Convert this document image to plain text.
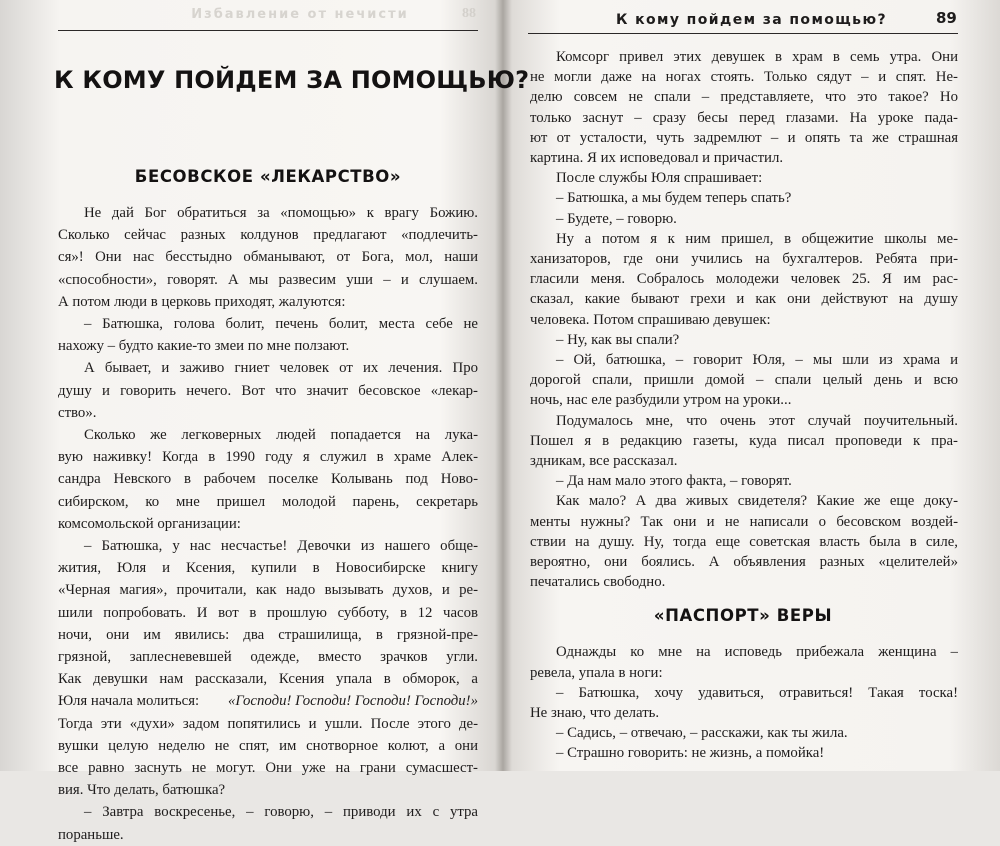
Избавление от нечисти	88
К КОМУ ПОЙДЕМ ЗА ПОМОЩЬЮ?
БЕСОВСКОЕ «ЛЕКАРСТВО»
Не дай Бог обратиться за «помощью» к врагу Божию.
Сколько сейчас разных колдунов предлагают «подлечить-
ся»! Они нас бесстыдно обманывают, от Бога, мол, наши
«способности», говорят. А мы развесим уши – и слушаем.
А потом люди в церковь приходят, жалуются:
– Батюшка, голова болит, печень болит, места себе не
нахожу – будто какие-то змеи по мне ползают.
А бывает, и заживо гниет человек от их лечения. Про
душу и говорить нечего. Вот что значит бесовское «лекар-
ство».
Сколько же легковерных людей попадается на лука-
вую наживку! Когда в 1990 году я служил в храме Алек-
сандра Невского в рабочем поселке Колывань под Ново-
сибирском, ко мне пришел молодой парень, секретарь
комсомольской организации:
– Батюшка, у нас несчастье! Девочки из нашего обще-
жития, Юля и Ксения, купили в Новосибирске книгу
«Черная магия», прочитали, как надо вызывать духов, и ре-
шили попробовать. И вот в прошлую субботу, в 12 часов
ночи, они им явились: два страшилища, в грязной-пре-
грязной, заплесневевшей одежде, вместо зрачков угли.
Как девушки нам рассказали, Ксения упала в обморок, а
Юля начала молиться: «Господи! Господи! Господи! Господи!»
Тогда эти «духи» задом попятились и ушли. После этого де-
вушки целую неделю не спят, им снотворное колют, а они
все равно заснуть не могут. Они уже на грани сумасшест-
вия. Что делать, батюшка?
– Завтра воскресенье, – говорю, – приводи их с утра
пораньше.
К кому пойдем за помощью?	89
Комсорг привел этих девушек в храм в семь утра. Они
не могли даже на ногах стоять. Только сядут – и спят. Не-
делю совсем не спали – представляете, что это такое? Но
только заснут – сразу бесы перед глазами. На уроке пада-
ют от усталости, чуть задремлют – и опять та же страшная
картина. Я их исповедовал и причастил.
После службы Юля спрашивает:
– Батюшка, а мы будем теперь спать?
– Будете, – говорю.
Ну а потом я к ним пришел, в общежитие школы ме-
ханизаторов, где они учились на бухгалтеров. Ребята при-
гласили меня. Собралось молодежи человек 25. Я им рас-
сказал, какие бывают грехи и как они действуют на душу
человека. Потом спрашиваю девушек:
– Ну, как вы спали?
– Ой, батюшка, – говорит Юля, – мы шли из храма и
дорогой спали, пришли домой – спали целый день и всю
ночь, нас еле разбудили утром на уроки...
Подумалось мне, что очень этот случай поучительный.
Пошел я в редакцию газеты, куда писал проповеди к пра-
здникам, все рассказал.
– Да нам мало этого факта, – говорят.
Как мало? А два живых свидетеля? Какие же еще доку-
менты нужны? Так они и не написали о бесовском воздей-
ствии на душу. Ну, тогда еще советская власть была в силе,
вероятно, они боялись. А объявления разных «целителей»
печатались свободно.
«ПАСПОРТ» ВЕРЫ
Однажды ко мне на исповедь прибежала женщина –
ревела, упала в ноги:
– Батюшка, хочу удавиться, отравиться! Такая тоска!
Не знаю, что делать.
– Садись, – отвечаю, – расскажи, как ты жила.
– Страшно говорить: не жизнь, а помойка!
